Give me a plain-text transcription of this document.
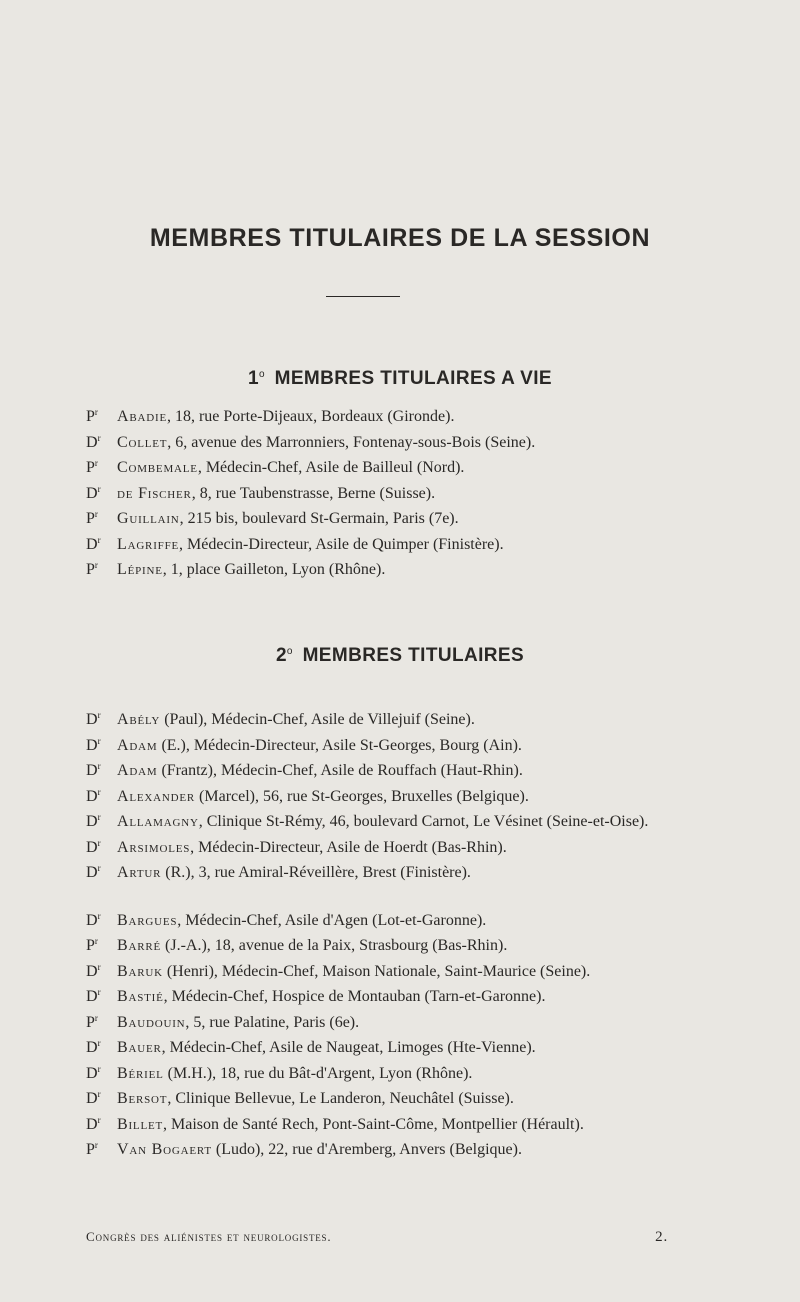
MEMBRES TITULAIRES DE LA SESSION
1$^o$ MEMBRES TITULAIRES A VIE
$P^r$ Abadie, 18, rue Porte-Dijeaux, Bordeaux (Gironde).
$D^r$ Collet, 6, avenue des Marronniers, Fontenay-sous-Bois (Seine).
$P^r$ Combemale, Médecin-Chef, Asile de Bailleul (Nord).
$D^r$ de Fischer, 8, rue Taubenstrasse, Berne (Suisse).
$P^r$ Guillain, 215 bis, boulevard St-Germain, Paris (7e).
$D^r$ Lagriffe, Médecin-Directeur, Asile de Quimper (Finistère).
$P^r$ Lépine, 1, place Gailleton, Lyon (Rhône).
2$^o$ MEMBRES TITULAIRES
$D^r$ Abély (Paul), Médecin-Chef, Asile de Villejuif (Seine).
$D^r$ Adam (E.), Médecin-Directeur, Asile St-Georges, Bourg (Ain).
$D^r$ Adam (Frantz), Médecin-Chef, Asile de Rouffach (Haut-Rhin).
$D^r$ Alexander (Marcel), 56, rue St-Georges, Bruxelles (Belgique).
$D^r$ Allamagny, Clinique St-Rémy, 46, boulevard Carnot, Le Vésinet (Seine-et-Oise).
$D^r$ Arsimoles, Médecin-Directeur, Asile de Hoerdt (Bas-Rhin).
$D^r$ Artur (R.), 3, rue Amiral-Réveillère, Brest (Finistère).
$D^r$ Bargues, Médecin-Chef, Asile d'Agen (Lot-et-Garonne).
$P^r$ Barré (J.-A.), 18, avenue de la Paix, Strasbourg (Bas-Rhin).
$D^r$ Baruk (Henri), Médecin-Chef, Maison Nationale, Saint-Maurice (Seine).
$D^r$ Bastié, Médecin-Chef, Hospice de Montauban (Tarn-et-Garonne).
$P^r$ Baudouin, 5, rue Palatine, Paris (6e).
$D^r$ Bauer, Médecin-Chef, Asile de Naugeat, Limoges (Hte-Vienne).
$D^r$ Bériel (M.H.), 18, rue du Bât-d'Argent, Lyon (Rhône).
$D^r$ Bersot, Clinique Bellevue, Le Landeron, Neuchâtel (Suisse).
$D^r$ Billet, Maison de Santé Rech, Pont-Saint-Côme, Montpellier (Hérault).
$P^r$ Van Bogaert (Ludo), 22, rue d'Aremberg, Anvers (Belgique).
Congrès des aliénistes et neurologistes.	2.
